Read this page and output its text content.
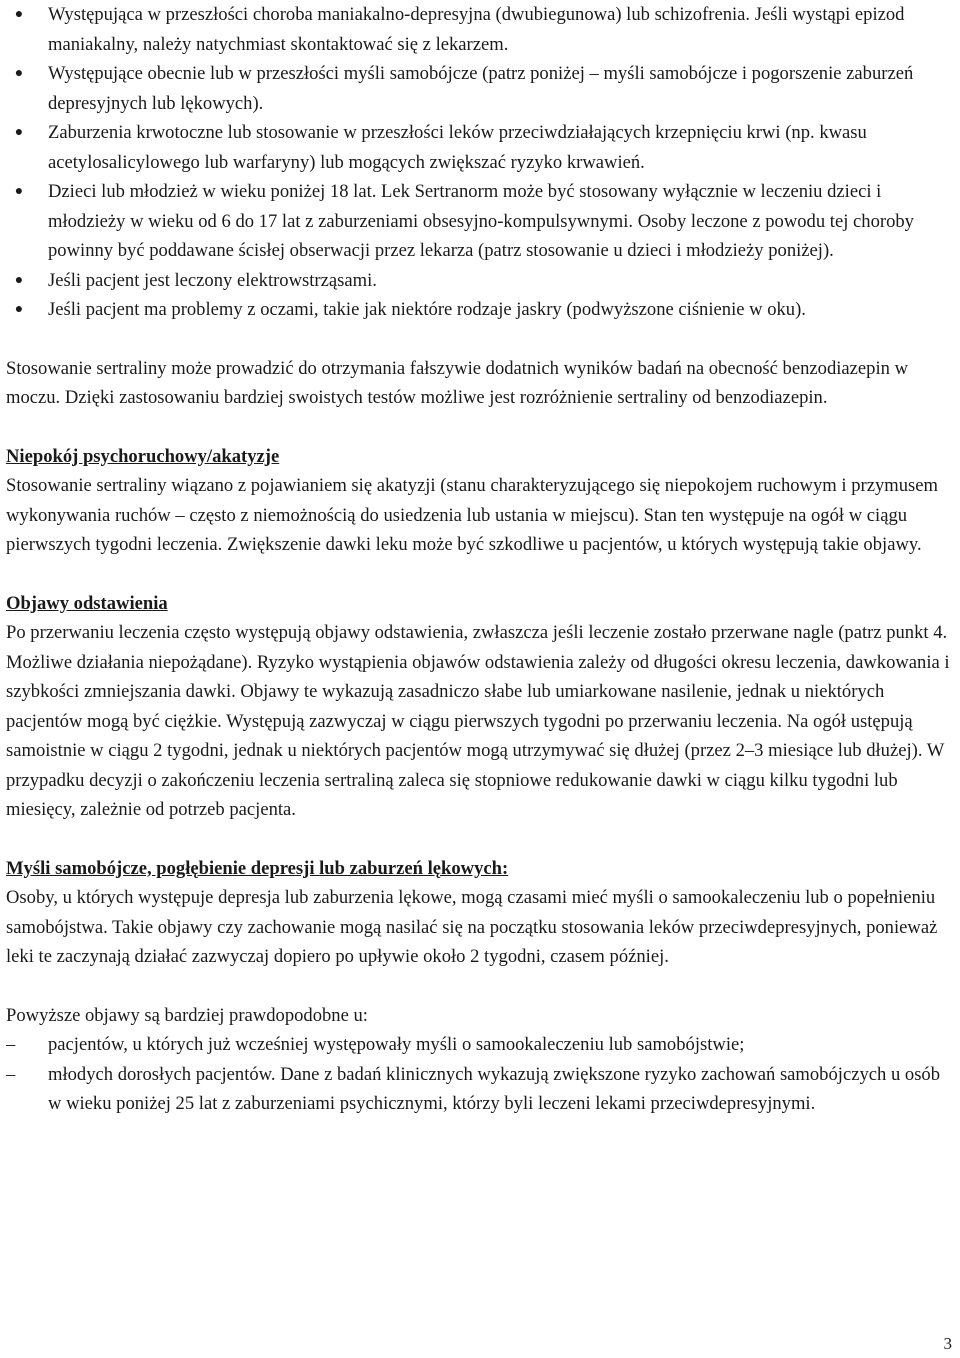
●	Występująca w przeszłości choroba maniakalno-depresyjna (dwubiegunowa) lub schizofrenia. Jeśli wystąpi epizod maniakalny, należy natychmiast skontaktować się z lekarzem.
●	Występujące obecnie lub w przeszłości myśli samobójcze (patrz poniżej ‒ myśli samobójcze i pogorszenie zaburzeń depresyjnych lub lękowych).
●	Zaburzenia krwotoczne lub stosowanie w przeszłości leków przeciwdziałających krzepnięciu krwi (np. kwasu acetylosalicylowego lub warfaryny) lub mogących zwiększać ryzyko krwawień.
●	Dzieci lub młodzież w wieku poniżej 18 lat. Lek Sertranorm może być stosowany wyłącznie w leczeniu dzieci i młodzieży w wieku od 6 do 17 lat z zaburzeniami obsesyjno-kompulsywnymi. Osoby leczone z powodu tej choroby powinny być poddawane ścisłej obserwacji przez lekarza (patrz stosowanie u dzieci i młodzieży poniżej).
●	Jeśli pacjent jest leczony elektrowstrząsami.
●	Jeśli pacjent ma problemy z oczami, takie jak niektóre rodzaje jaskry (podwyższone ciśnienie w oku).

Stosowanie sertraliny może prowadzić do otrzymania fałszywie dodatnich wyników badań na obecność benzodiazepin w moczu. Dzięki zastosowaniu bardziej swoistych testów możliwe jest rozróżnienie sertraliny od benzodiazepin.

Niepokój psychoruchowy/akatyzje

Stosowanie sertraliny wiązano z pojawianiem się akatyzji (stanu charakteryzującego się niepokojem ruchowym i przymusem wykonywania ruchów ‒ często z niemożnością do usiedzenia lub ustania w miejscu). Stan ten występuje na ogół w ciągu pierwszych tygodni leczenia. Zwiększenie dawki leku może być szkodliwe u pacjentów, u których występują takie objawy.

Objawy odstawienia

Po przerwaniu leczenia często występują objawy odstawienia, zwłaszcza jeśli leczenie zostało przerwane nagle (patrz punkt 4. Możliwe działania niepożądane). Ryzyko wystąpienia objawów odstawienia zależy od długości okresu leczenia, dawkowania i szybkości zmniejszania dawki. Objawy te wykazują zasadniczo słabe lub umiarkowane nasilenie, jednak u niektórych pacjentów mogą być ciężkie. Występują zazwyczaj w ciągu pierwszych tygodni po przerwaniu leczenia. Na ogół ustępują samoistnie w ciągu 2 tygodni, jednak u niektórych pacjentów mogą utrzymywać się dłużej (przez 2‒3 miesiące lub dłużej). W przypadku decyzji o zakończeniu leczenia sertraliną zaleca się stopniowe redukowanie dawki w ciągu kilku tygodni lub miesięcy, zależnie od potrzeb pacjenta.

Myśli samobójcze, pogłębienie depresji lub zaburzeń lękowych:

Osoby, u których występuje depresja lub zaburzenia lękowe, mogą czasami mieć myśli o samookaleczeniu lub o popełnieniu samobójstwa. Takie objawy czy zachowanie mogą nasilać się na początku stosowania leków przeciwdepresyjnych, ponieważ leki te zaczynają działać zazwyczaj dopiero po upływie około 2 tygodni, czasem później.

Powyższe objawy są bardziej prawdopodobne u:

‒	pacjentów, u których już wcześniej występowały myśli o samookaleczeniu lub samobójstwie;
‒	młodych dorosłych pacjentów. Dane z badań klinicznych wykazują zwiększone ryzyko zachowań samobójczych u osób w wieku poniżej 25 lat z zaburzeniami psychicznymi, którzy byli leczeni lekami przeciwdepresyjnymi.
3
